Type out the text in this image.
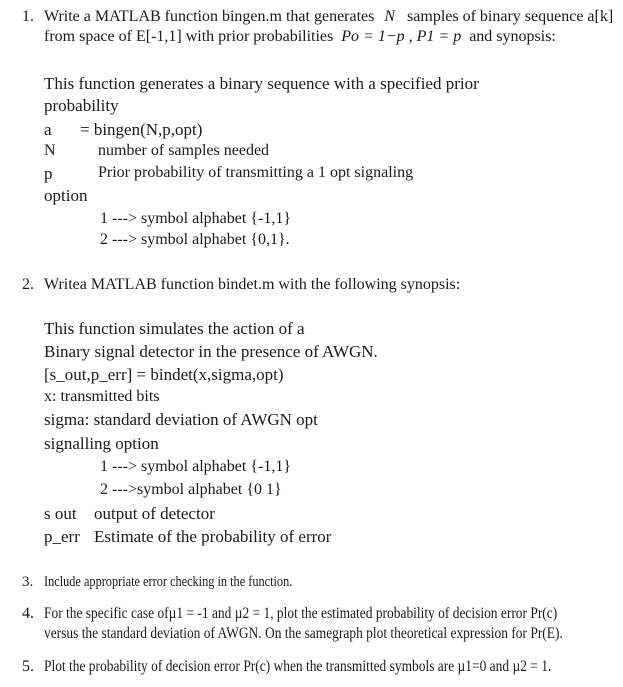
1. Write a MATLAB function bingen.m that generates N samples of binary sequence a[k]
from space of E[-1,1] with prior probabilities Po = 1−p , P1 = p and synopsis:
This function generates a binary sequence with a specified prior
probability
a = bingen(N,p,opt)
N	number of samples needed
p	Prior probability of transmitting a 1 opt signaling
option
1 ---> symbol alphabet {-1,1}
2 ---> symbol alphabet {0,1}.
2. Writea MATLAB function bindet.m with the following synopsis:
This function simulates the action of a
Binary signal detector in the presence of AWGN.
[s_out,p_err] = bindet(x,sigma,opt)
x: transmitted bits
sigma: standard deviation of AWGN opt
signalling option
1 ---> symbol alphabet {-1,1}
2 --->symbol alphabet {0 1}
s out output of detector
p_err Estimate of the probability of error
3. Include appropriate error checking in the function.
4. For the specific case ofµ1 = -1 and µ2 = 1, plot the estimated probability of decision error Pr(c)
versus the standard deviation of AWGN. On the samegraph plot theoretical expression for Pr(E).
5. Plot the probability of decision error Pr(c) when the transmitted symbols are µ1=0 and µ2 = 1.
